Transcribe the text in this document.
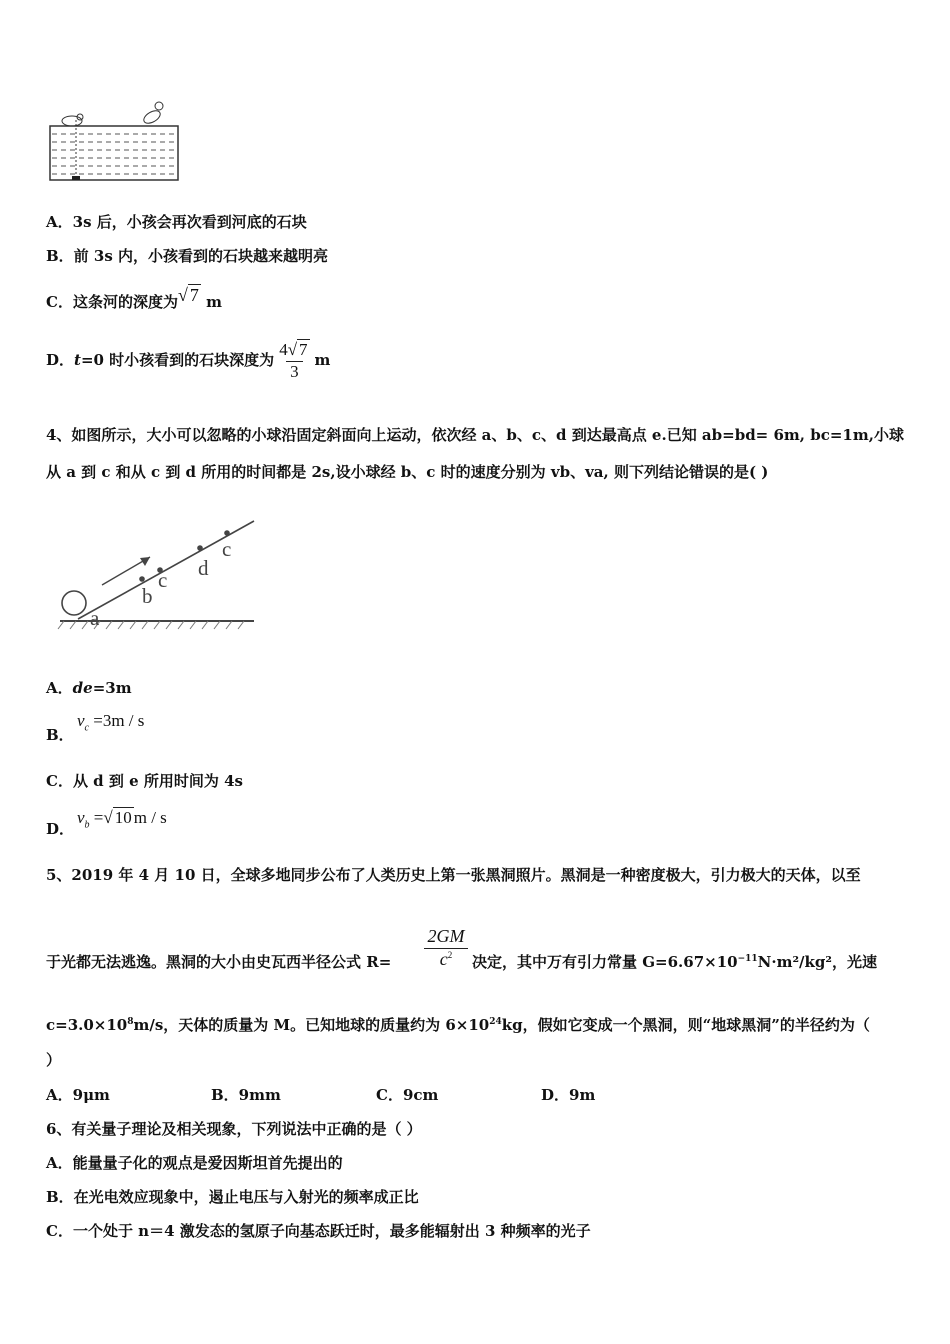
A．3s 后，小孩会再次看到河底的石块
B．前 3s 内，小孩看到的石块越来越明亮
C．这条河的深度为√ 7 m
D．t=0 时小孩看到的石块深度为 $\frac{4√ 7}{3}$ m
4、如图所示，大小可以忽略的小球沿固定斜面向上运动，依次经 a、b、c、d 到达最高点 e.已知 ab=bd= 6m, bc=1m,小球
从 a 到 c 和从 c 到 d 所用的时间都是 2s,设小球经 b、c 时的速度分别为 vb、va, 则下列结论错误的是( )
a
b
c d
c
A．de=3m
B．
$v_c =3m / s$
C．从 d 到 e 所用时间为 4s
D．
$v_b$ =√ 10 m / s
5、2019 年 4 月 10 日，全球多地同步公布了人类历史上第一张黑洞照片。黑洞是一种密度极大，引力极大的天体，以至
于光都无法逃逸。黑洞的大小由史瓦西半径公式 $R= \frac{2GM}{c^2}$ 决定，其中万有引力常量 $G=6.67\times 10^{-11}N\cdot m^2$/kg²，光速
$c=3.0\times 10^8m/s$，天体的质量为 M。已知地球的质量约为 $6\times 10^{24}kg$，假如它变成一个黑洞，则“地球黑洞”的半径约为（
）
A．9μm	B．9mm	C．9cm	D．9m
6、有关量子理论及相关现象，下列说法中正确的是（ ）
A．能量量子化的观点是爱因斯坦首先提出的
B．在光电效应现象中，遏止电压与入射光的频率成正比
C．一个处于 n＝4 激发态的氢原子向基态跃迁时，最多能辐射出 3 种频率的光子
